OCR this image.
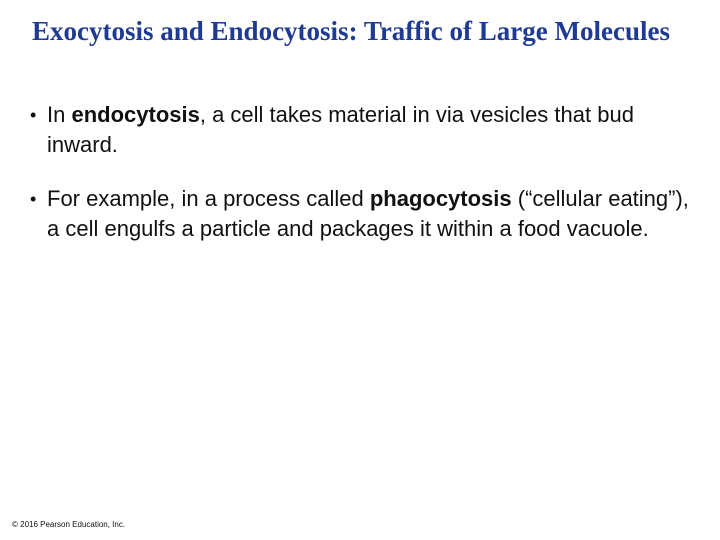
Exocytosis and Endocytosis: Traffic of Large Molecules
• In endocytosis, a cell takes material in via vesicles that bud inward.
• For example, in a process called phagocytosis (“cellular eating”), a cell engulfs a particle and packages it within a food vacuole.
© 2016 Pearson Education, Inc.
